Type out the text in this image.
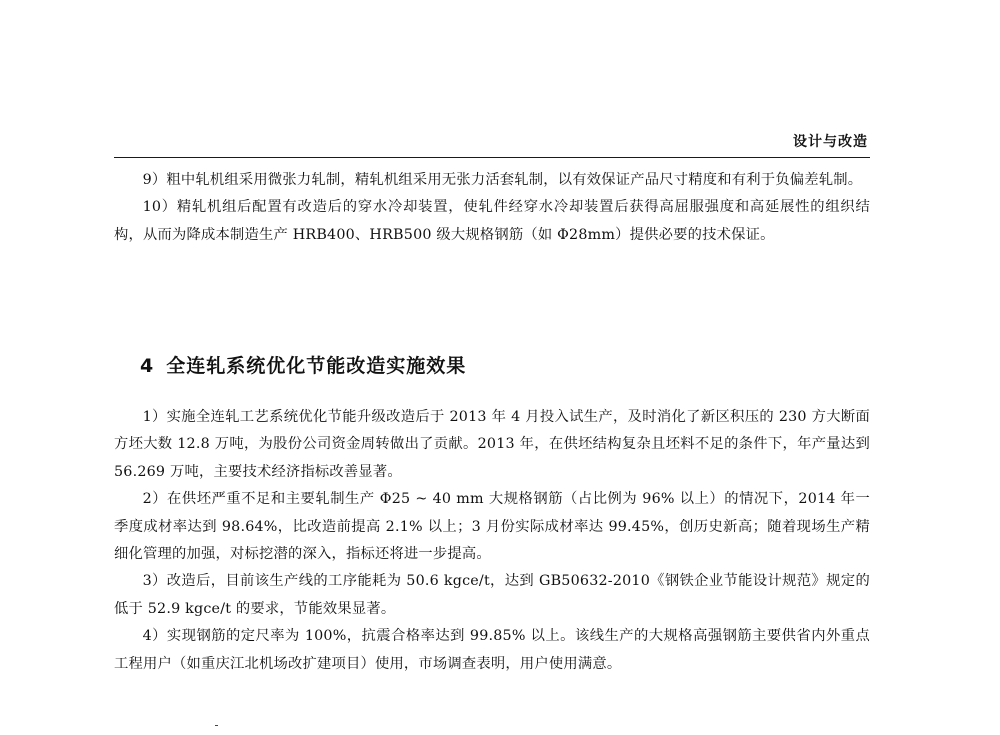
设计与改造

9）粗中轧机组采用微张力轧制，精轧机组采用无张力活套轧制，以有效保证产品尺寸精度和有利于负偏差轧制。

10）精轧机组后配置有改造后的穿水冷却装置，使轧件经穿水冷却装置后获得高屈服强度和高延展性的组织结构，从而为降成本制造生产 HRB400、HRB500 级大规格钢筋（如 Φ28mm）提供必要的技术保证。

4 全连轧系统优化节能改造实施效果

1）实施全连轧工艺系统优化节能升级改造后于 2013 年 4 月投入试生产，及时消化了新区积压的 230 方大断面方坯大数 12.8 万吨，为股份公司资金周转做出了贡献。2013 年，在供坯结构复杂且坯料不足的条件下，年产量达到 56.269 万吨，主要技术经济指标改善显著。

2）在供坯严重不足和主要轧制生产 Φ25 ~ 40 mm 大规格钢筋（占比例为 96% 以上）的情况下，2014 年一季度成材率达到 98.64%，比改造前提高 2.1% 以上；3 月份实际成材率达 99.45%，创历史新高；随着现场生产精细化管理的加强，对标挖潜的深入，指标还将进一步提高。

3）改造后，目前该生产线的工序能耗为 50.6 kgce/t，达到 GB50632-2010《钢铁企业节能设计规范》规定的低于 52.9 kgce/t 的要求，节能效果显著。

4）实现钢筋的定尺率为 100%，抗震合格率达到 99.85% 以上。该线生产的大规格高强钢筋主要供省内外重点工程用户（如重庆江北机场改扩建项目）使用，市场调查表明，用户使用满意。
